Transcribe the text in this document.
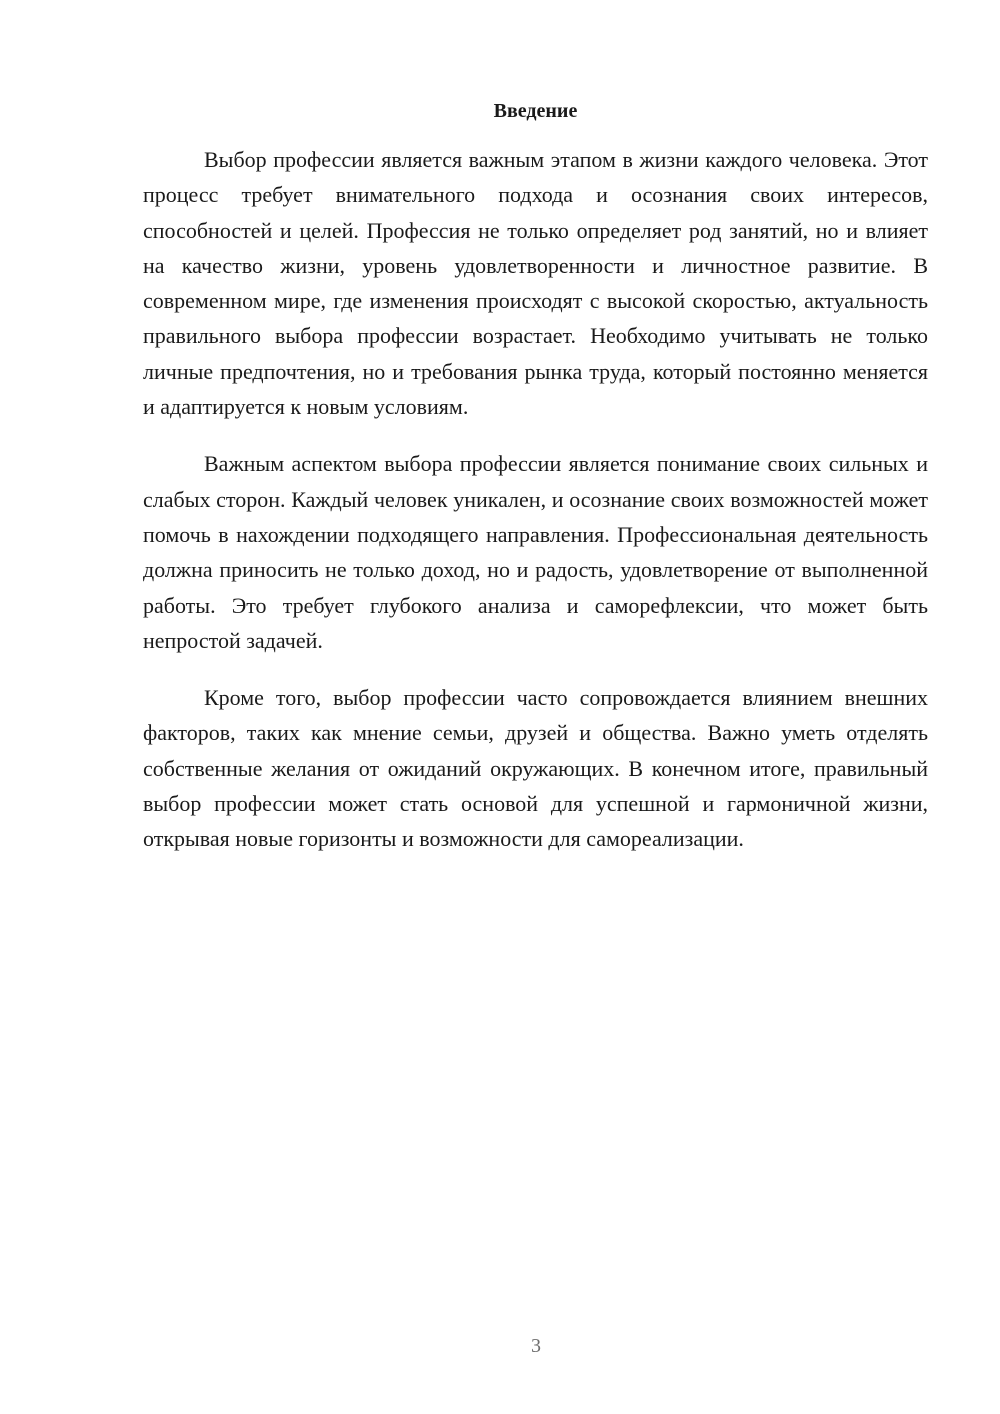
Введение

Выбор профессии является важным этапом в жизни каждого человека. Этот процесс требует внимательного подхода и осознания своих интересов, способностей и целей. Профессия не только определяет род занятий, но и влияет на качество жизни, уровень удовлетворенности и личностное развитие. В современном мире, где изменения происходят с высокой скоростью, актуальность правильного выбора профессии возрастает. Необходимо учитывать не только личные предпочтения, но и требования рынка труда, который постоянно меняется и адаптируется к новым условиям.

Важным аспектом выбора профессии является понимание своих сильных и слабых сторон. Каждый человек уникален, и осознание своих возможностей может помочь в нахождении подходящего направления. Профессиональная деятельность должна приносить не только доход, но и радость, удовлетворение от выполненной работы. Это требует глубокого анализа и саморефлексии, что может быть непростой задачей.

Кроме того, выбор профессии часто сопровождается влиянием внешних факторов, таких как мнение семьи, друзей и общества. Важно уметь отделять собственные желания от ожиданий окружающих. В конечном итоге, правильный выбор профессии может стать основой для успешной и гармоничной жизни, открывая новые горизонты и возможности для самореализации.

3
